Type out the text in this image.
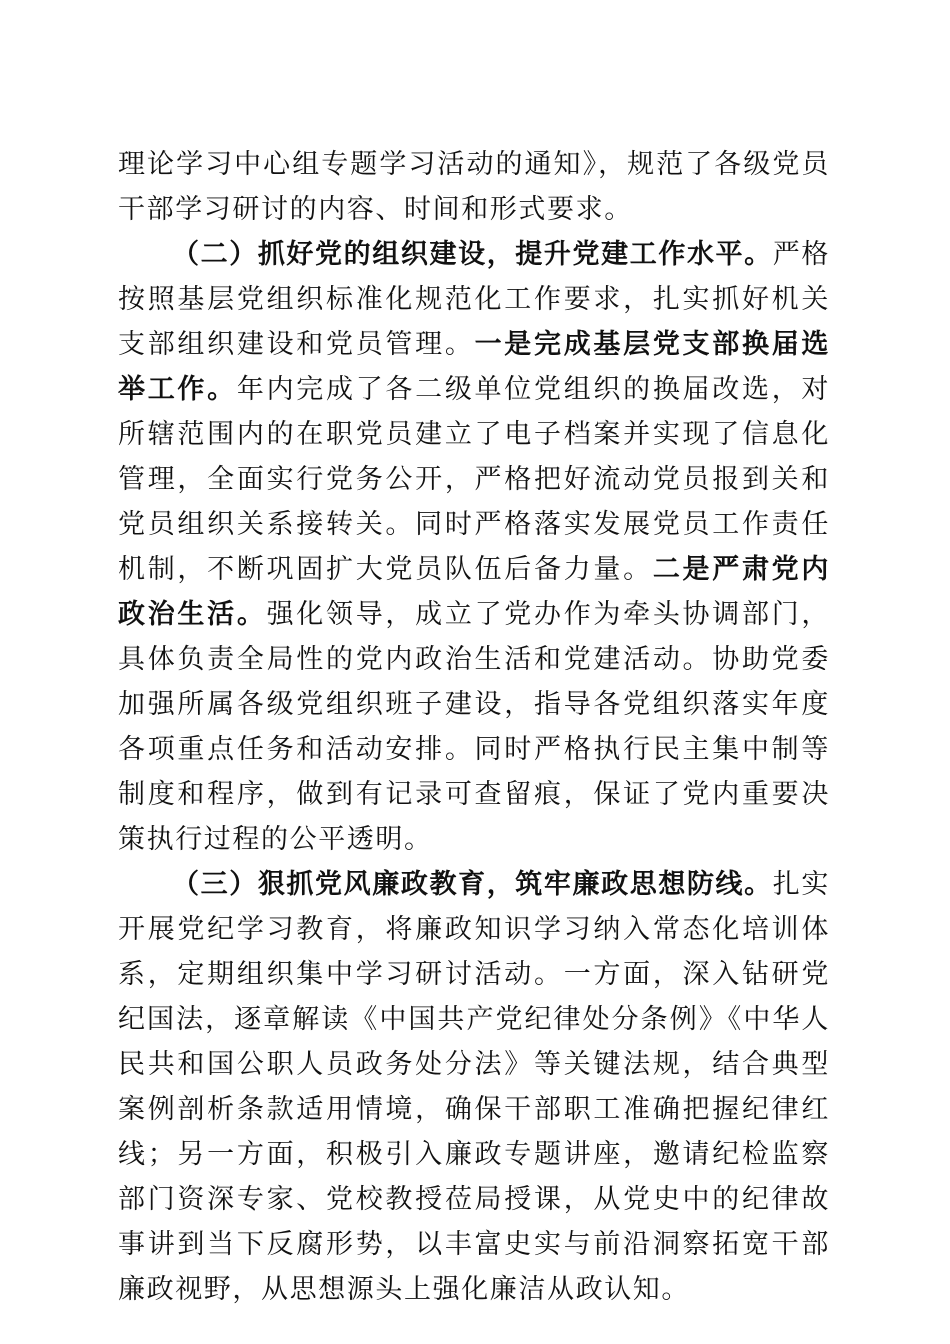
理论学习中心组专题学习活动的通知》，规范了各级党员干部学习研讨的内容、时间和形式要求。

（二）抓好党的组织建设，提升党建工作水平。严格按照基层党组织标准化规范化工作要求，扎实抓好机关支部组织建设和党员管理。一是完成基层党支部换届选举工作。年内完成了各二级单位党组织的换届改选，对所辖范围内的在职党员建立了电子档案并实现了信息化管理，全面实行党务公开，严格把好流动党员报到关和党员组织关系接转关。同时严格落实发展党员工作责任机制，不断巩固扩大党员队伍后备力量。二是严肃党内政治生活。强化领导，成立了党办作为牵头协调部门，具体负责全局性的党内政治生活和党建活动。协助党委加强所属各级党组织班子建设，指导各党组织落实年度各项重点任务和活动安排。同时严格执行民主集中制等制度和程序，做到有记录可查留痕，保证了党内重要决策执行过程的公平透明。

（三）狠抓党风廉政教育，筑牢廉政思想防线。扎实开展党纪学习教育，将廉政知识学习纳入常态化培训体系，定期组织集中学习研讨活动。一方面，深入钻研党纪国法，逐章解读《中国共产党纪律处分条例》《中华人民共和国公职人员政务处分法》等关键法规，结合典型案例剖析条款适用情境，确保干部职工准确把握纪律红线；另一方面，积极引入廉政专题讲座，邀请纪检监察部门资深专家、党校教授莅局授课，从党史中的纪律故事讲到当下反腐形势，以丰富史实与前沿洞察拓宽干部廉政视野，从思想源头上强化廉洁从政认知。
